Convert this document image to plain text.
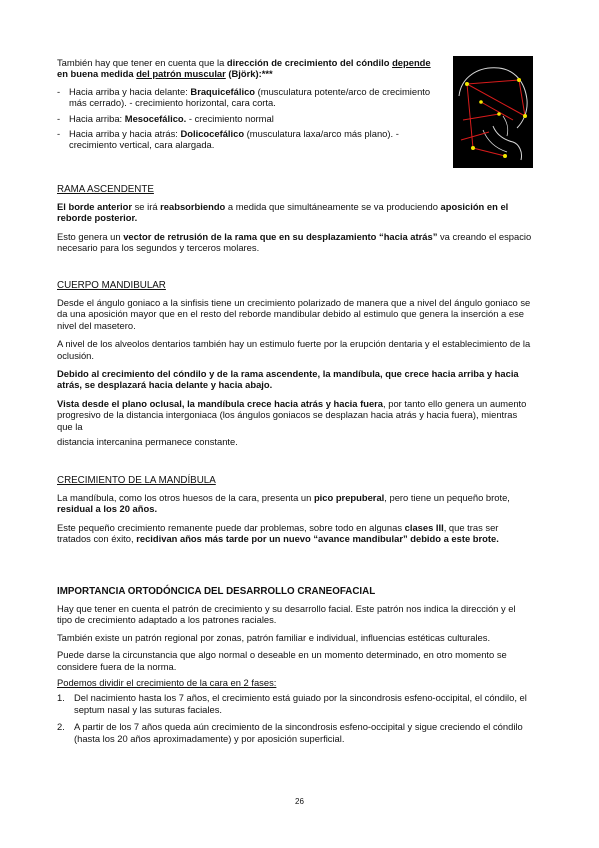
También hay que tener en cuenta que la dirección de crecimiento del cóndilo depende en buena medida del patrón muscular (Björk):***

- Hacia arriba y hacia delante: Braquicefálico (musculatura potente/arco de crecimiento más cerrado). - crecimiento horizontal, cara corta.
- Hacia arriba: Mesocefálico. - crecimiento normal
- Hacia arriba y hacia atrás: Dolicocefálico (musculatura laxa/arco más plano). - crecimiento vertical, cara alargada.
RAMA ASCENDENTE

El borde anterior se irá reabsorbiendo a medida que simultáneamente se va produciendo aposición en el reborde posterior.

Esto genera un vector de retrusión de la rama que en su desplazamiento “hacia atrás” va creando el espacio necesario para los segundos y terceros molares.

CUERPO MANDIBULAR

Desde el ángulo goniaco a la sinfisis tiene un crecimiento polarizado de manera que a nivel del ángulo goniaco se da una aposición mayor que en el resto del reborde mandibular debido al estimulo que genera la inserción a ese nivel del masetero.

A nivel de los alveolos dentarios también hay un estimulo fuerte por la erupción dentaria y el establecimiento de la oclusión.

Debido al crecimiento del cóndilo y de la rama ascendente, la mandíbula, que crece hacia arriba y hacia atrás, se desplazará hacia delante y hacia abajo.

Vista desde el plano oclusal, la mandíbula crece hacia atrás y hacia fuera, por tanto ello genera un aumento progresivo de la distancia intergoniaca (los ángulos goniacos se desplazan hacia atrás y hacia fuera), mientras que la

distancia intercanina permanece constante.

CRECIMIENTO DE LA MANDÍBULA

La mandíbula, como los otros huesos de la cara, presenta un pico prepuberal, pero tiene un pequeño brote, residual a los 20 años.

Este pequeño crecimiento remanente puede dar problemas, sobre todo en algunas clases III, que tras ser tratados con éxito, recidivan años más tarde por un nuevo “avance mandibular” debido a este brote.

IMPORTANCIA ORTODÓNCICA DEL DESARROLLO CRANEOFACIAL

Hay que tener en cuenta el patrón de crecimiento y su desarrollo facial. Este patrón nos indica la dirección y el tipo de crecimiento adaptado a los patrones raciales.

También existe un patrón regional por zonas, patrón familiar e individual, influencias estéticas culturales.

Puede darse la circunstancia que algo normal o deseable en un momento determinado, en otro momento se considere fuera de la norma.

Podemos dividir el crecimiento de la cara en 2 fases:

1. Del nacimiento hasta los 7 años, el crecimiento está guiado por la sincondrosis esfeno-occipital, el cóndilo, el septum nasal y las suturas faciales.
2. A partir de los 7 años queda aún crecimiento de la sincondrosis esfeno-occipital y sigue creciendo el cóndilo (hasta los 20 años aproximadamente) y por aposición superficial.
26
